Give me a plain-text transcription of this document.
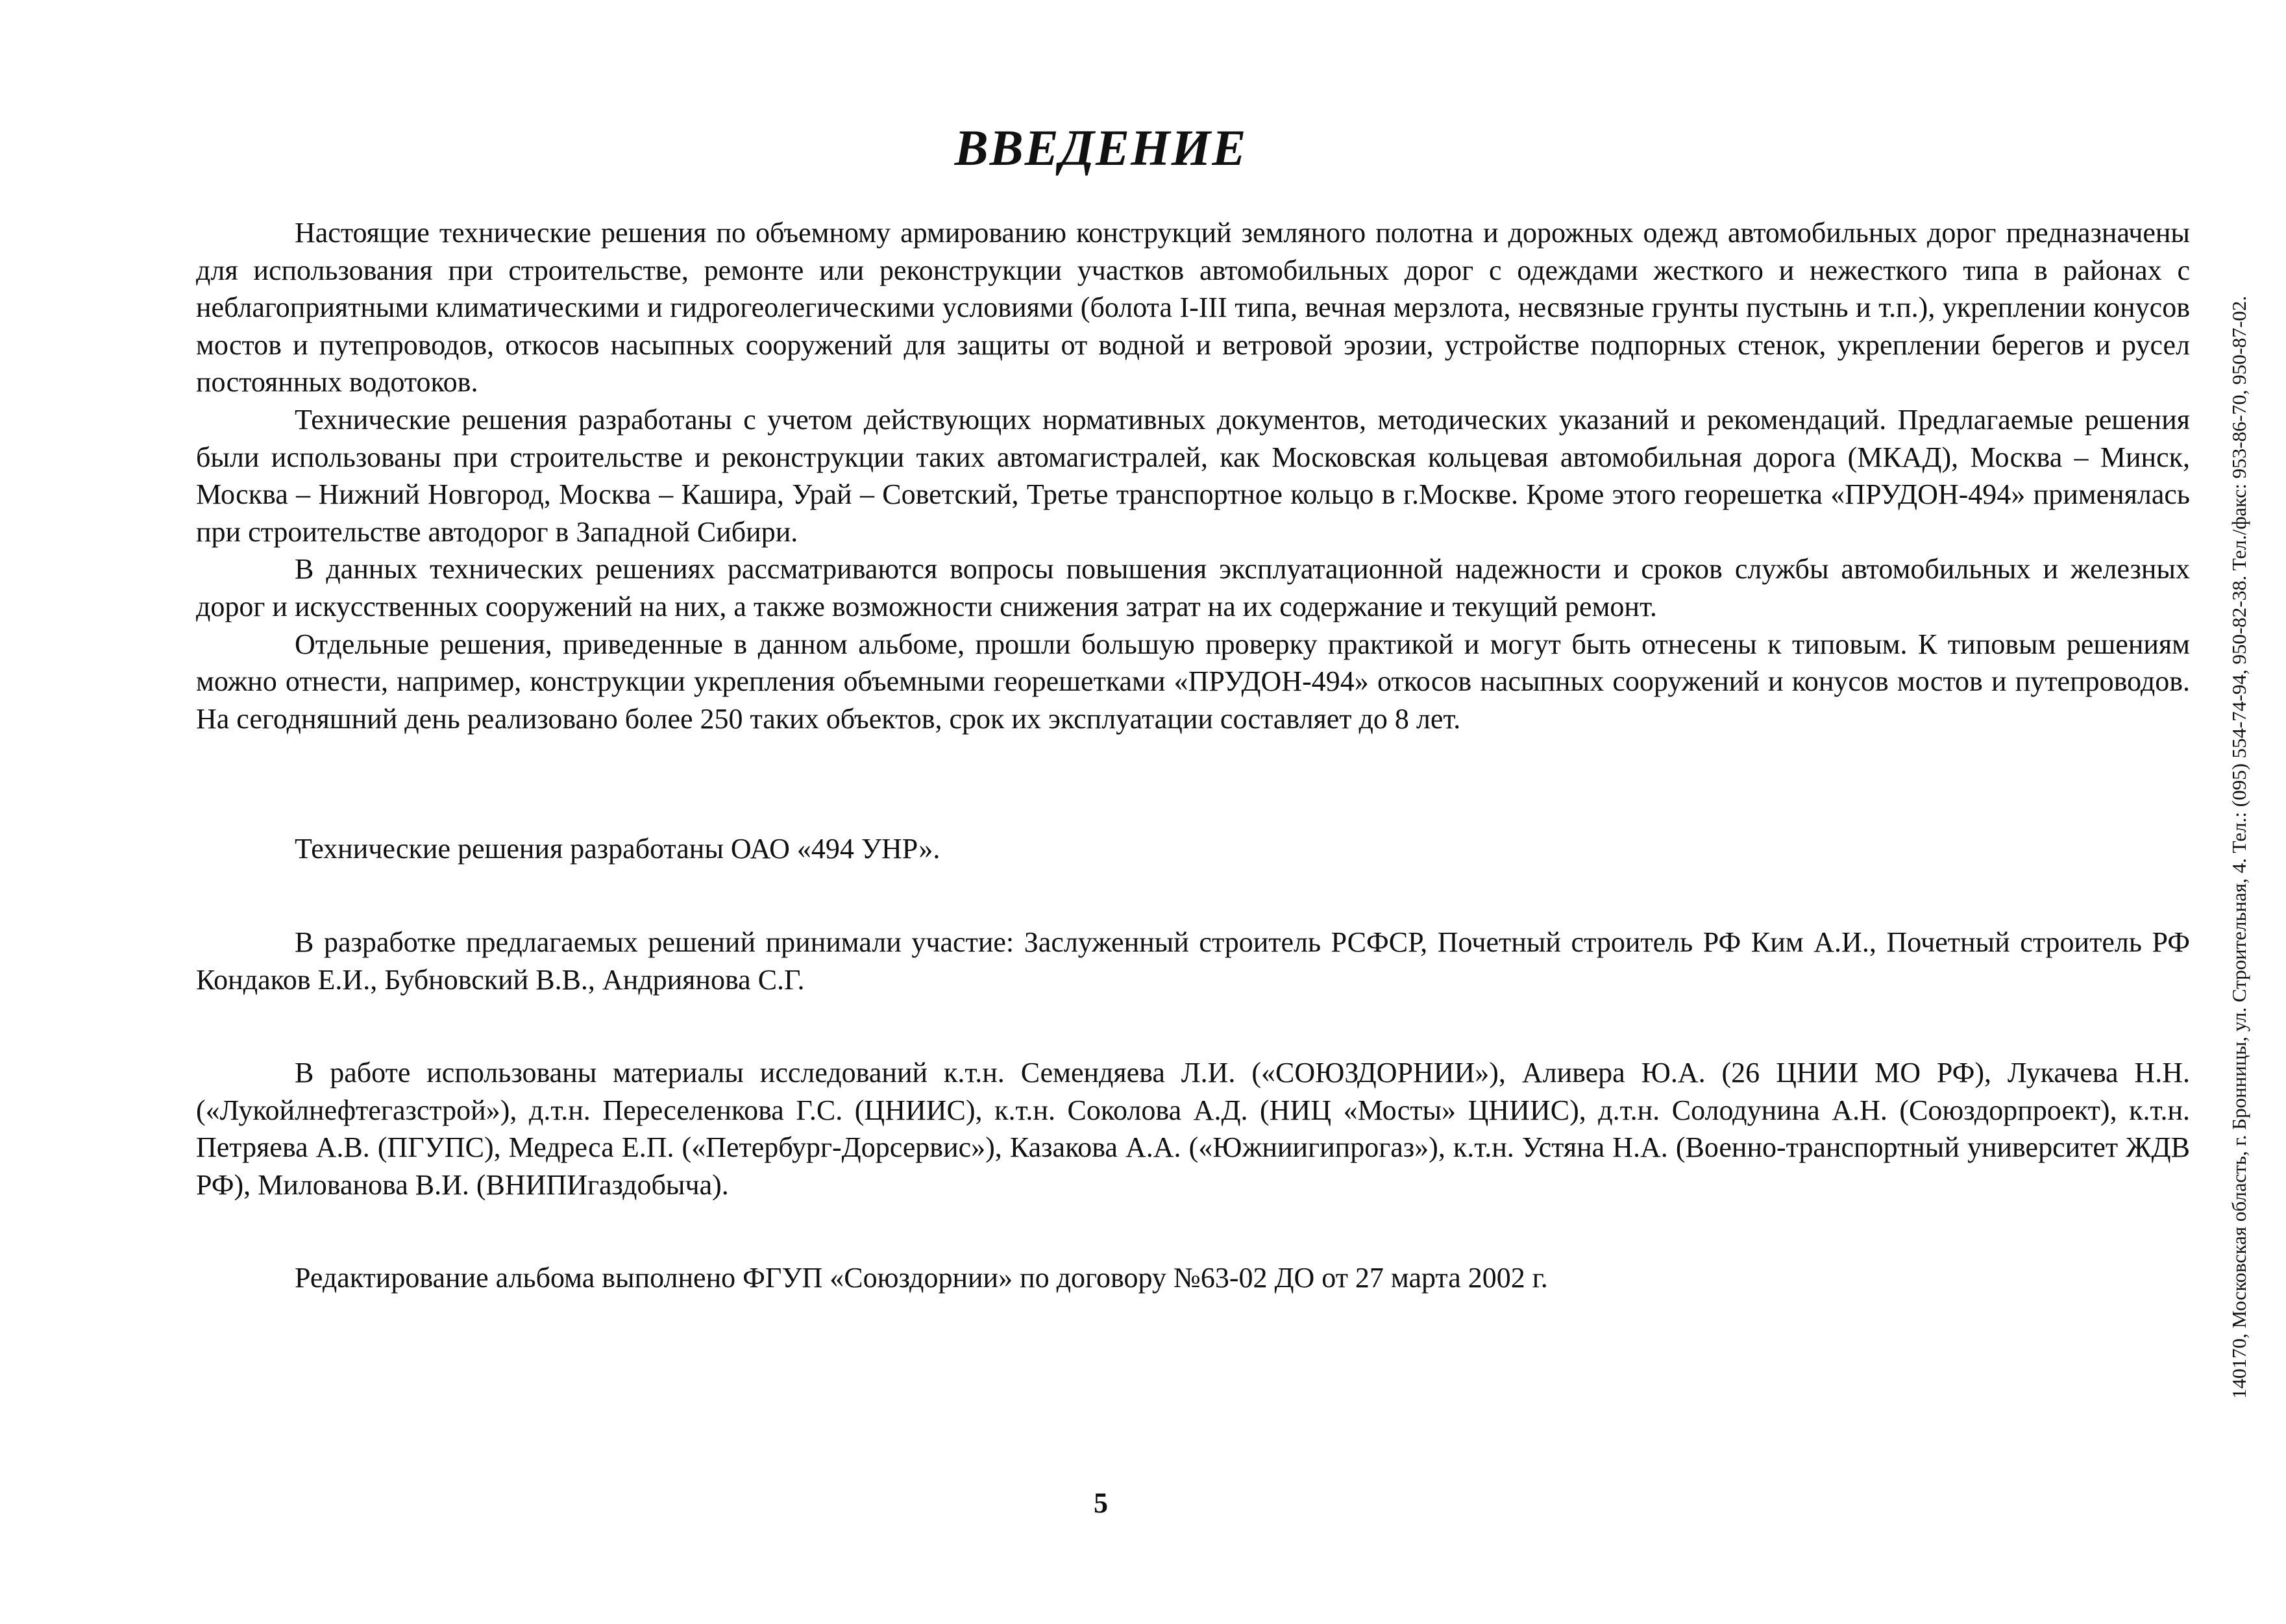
ВВЕДЕНИЕ

Настоящие технические решения по объемному армированию конструкций земляного полотна и дорожных одежд автомобильных дорог предназначены для использования при строительстве, ремонте или реконструкции участков автомобильных дорог с одеждами жесткого и нежесткого типа в районах с неблагоприятными климатическими и гидрогеолегическими условиями (болота I-III типа, вечная мерзлота, несвязные грунты пустынь и т.п.), укреплении конусов мостов и путепроводов, откосов насыпных сооружений для защиты от водной и ветровой эрозии, устройстве подпорных стенок, укреплении берегов и русел постоянных водотоков.

Технические решения разработаны с учетом действующих нормативных документов, методических указаний и рекомендаций. Предлагаемые решения были использованы при строительстве и реконструкции таких автомагистралей, как Московская кольцевая автомобильная дорога (МКАД), Москва – Минск, Москва – Нижний Новгород, Москва – Кашира, Урай – Советский, Третье транспортное кольцо в г.Москве. Кроме этого георешетка «ПРУДОН-494» применялась при строительстве автодорог в Западной Сибири.

В данных технических решениях рассматриваются вопросы повышения эксплуатационной надежности и сроков службы автомобильных и железных дорог и искусственных сооружений на них, а также возможности снижения затрат на их содержание и текущий ремонт.

Отдельные решения, приведенные в данном альбоме, прошли большую проверку практикой и могут быть отнесены к типовым. К типовым решениям можно отнести, например, конструкции укрепления объемными георешетками «ПРУДОН-494» откосов насыпных сооружений и конусов мостов и путепроводов. На сегодняшний день реализовано более 250 таких объектов, срок их эксплуатации составляет до 8 лет.

Технические решения разработаны ОАО «494 УНР».

В разработке предлагаемых решений принимали участие: Заслуженный строитель РСФСР, Почетный строитель РФ Ким А.И., Почетный строитель РФ Кондаков Е.И., Бубновский В.В., Андриянова С.Г.

В работе использованы материалы исследований к.т.н. Семендяева Л.И. («СОЮЗДОРНИИ»), Аливера Ю.А. (26 ЦНИИ МО РФ), Лукачева Н.Н. («Лукойлнефтегазстрой»), д.т.н. Переселенкова Г.С. (ЦНИИС), к.т.н. Соколова А.Д. (НИЦ «Мосты» ЦНИИС), д.т.н. Солодунина А.Н. (Союздорпроект), к.т.н. Петряева А.В. (ПГУПС), Медреса Е.П. («Петербург-Дорсервис»), Казакова А.А. («Южниигипрогаз»), к.т.н. Устяна Н.А. (Военно-транспортный университет ЖДВ РФ), Милованова В.И. (ВНИПИгаздобыча).

Редактирование альбома выполнено ФГУП «Союздорнии» по договору №63-02 ДО от 27 марта 2002 г.

5
140170, Московская область, г. Бронницы, ул. Строительная, 4. Тел.: (095) 554-74-94, 950-82-38. Тел./факс: 953-86-70, 950-87-02.
